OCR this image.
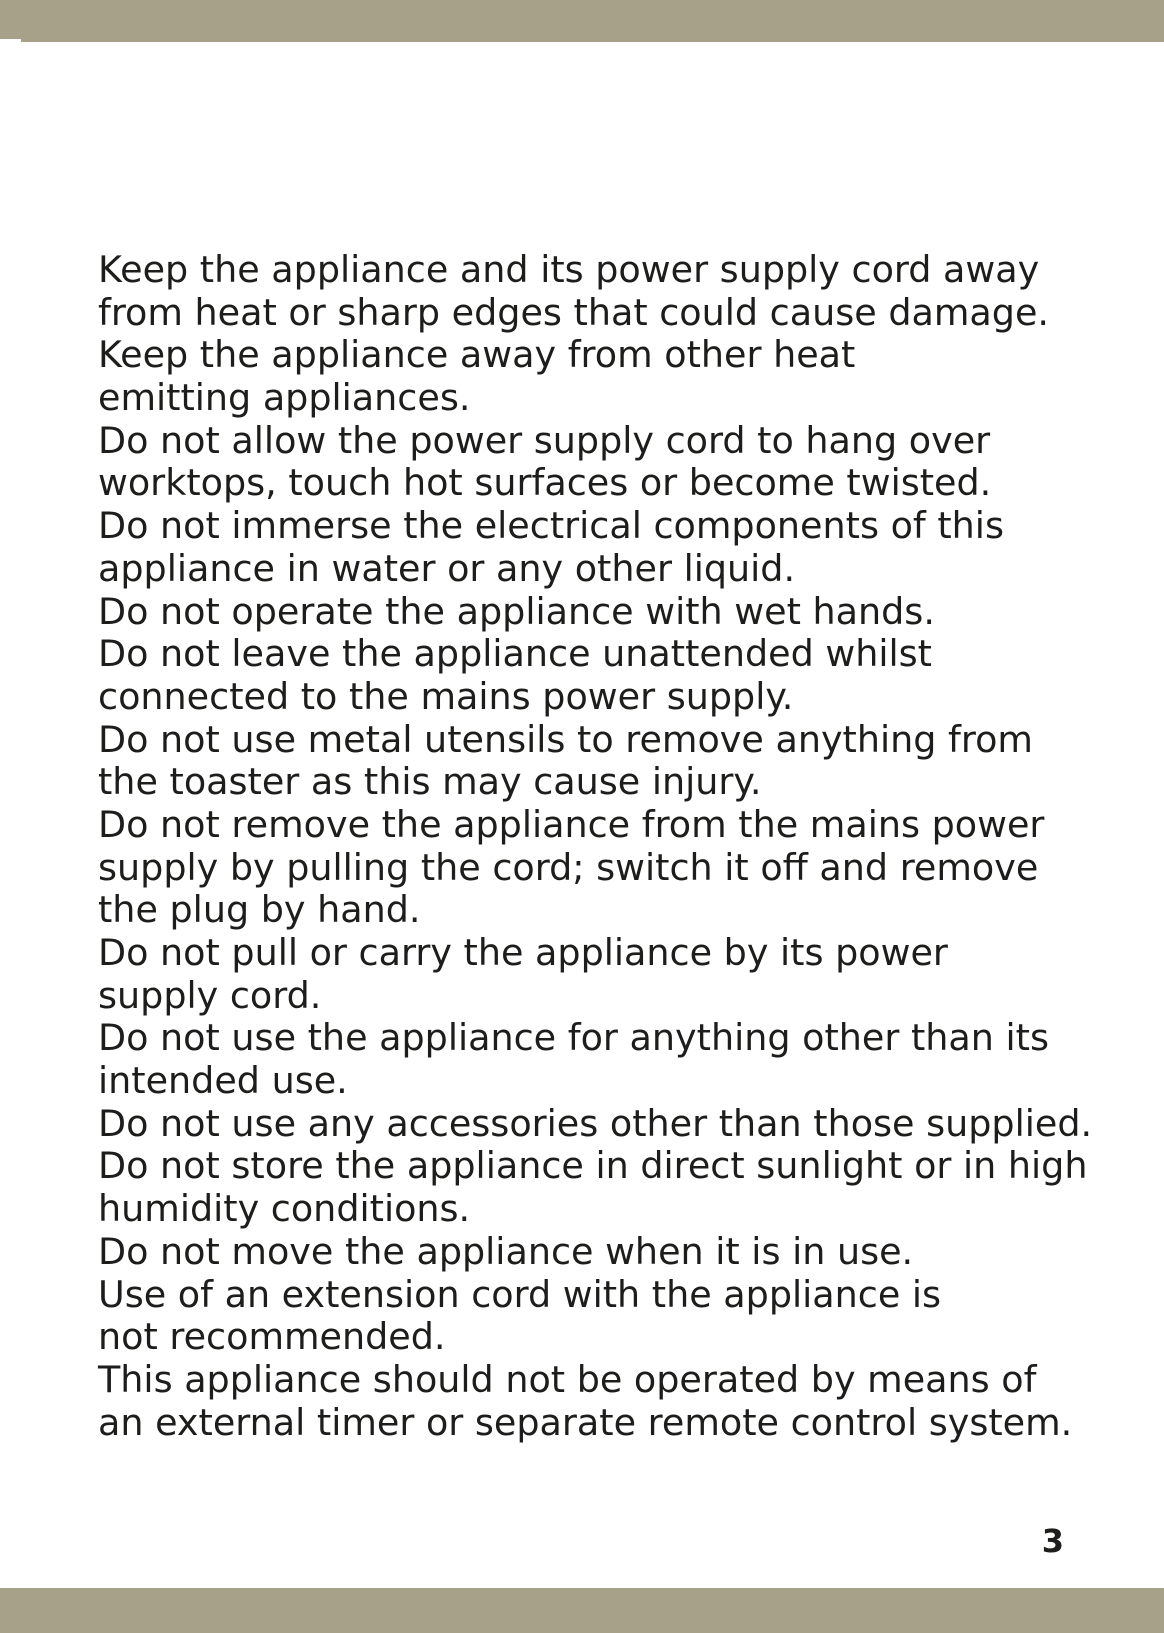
Keep the appliance and its power supply cord away
from heat or sharp edges that could cause damage.
Keep the appliance away from other heat
emitting appliances.
Do not allow the power supply cord to hang over
worktops, touch hot surfaces or become twisted.
Do not immerse the electrical components of this
appliance in water or any other liquid.
Do not operate the appliance with wet hands.
Do not leave the appliance unattended whilst
connected to the mains power supply.
Do not use metal utensils to remove anything from
the toaster as this may cause injury.
Do not remove the appliance from the mains power
supply by pulling the cord; switch it off and remove
the plug by hand.
Do not pull or carry the appliance by its power
supply cord.
Do not use the appliance for anything other than its
intended use.
Do not use any accessories other than those supplied.
Do not store the appliance in direct sunlight or in high
humidity conditions.
Do not move the appliance when it is in use.
Use of an extension cord with the appliance is
not recommended.
This appliance should not be operated by means of
an external timer or separate remote control system.
3
